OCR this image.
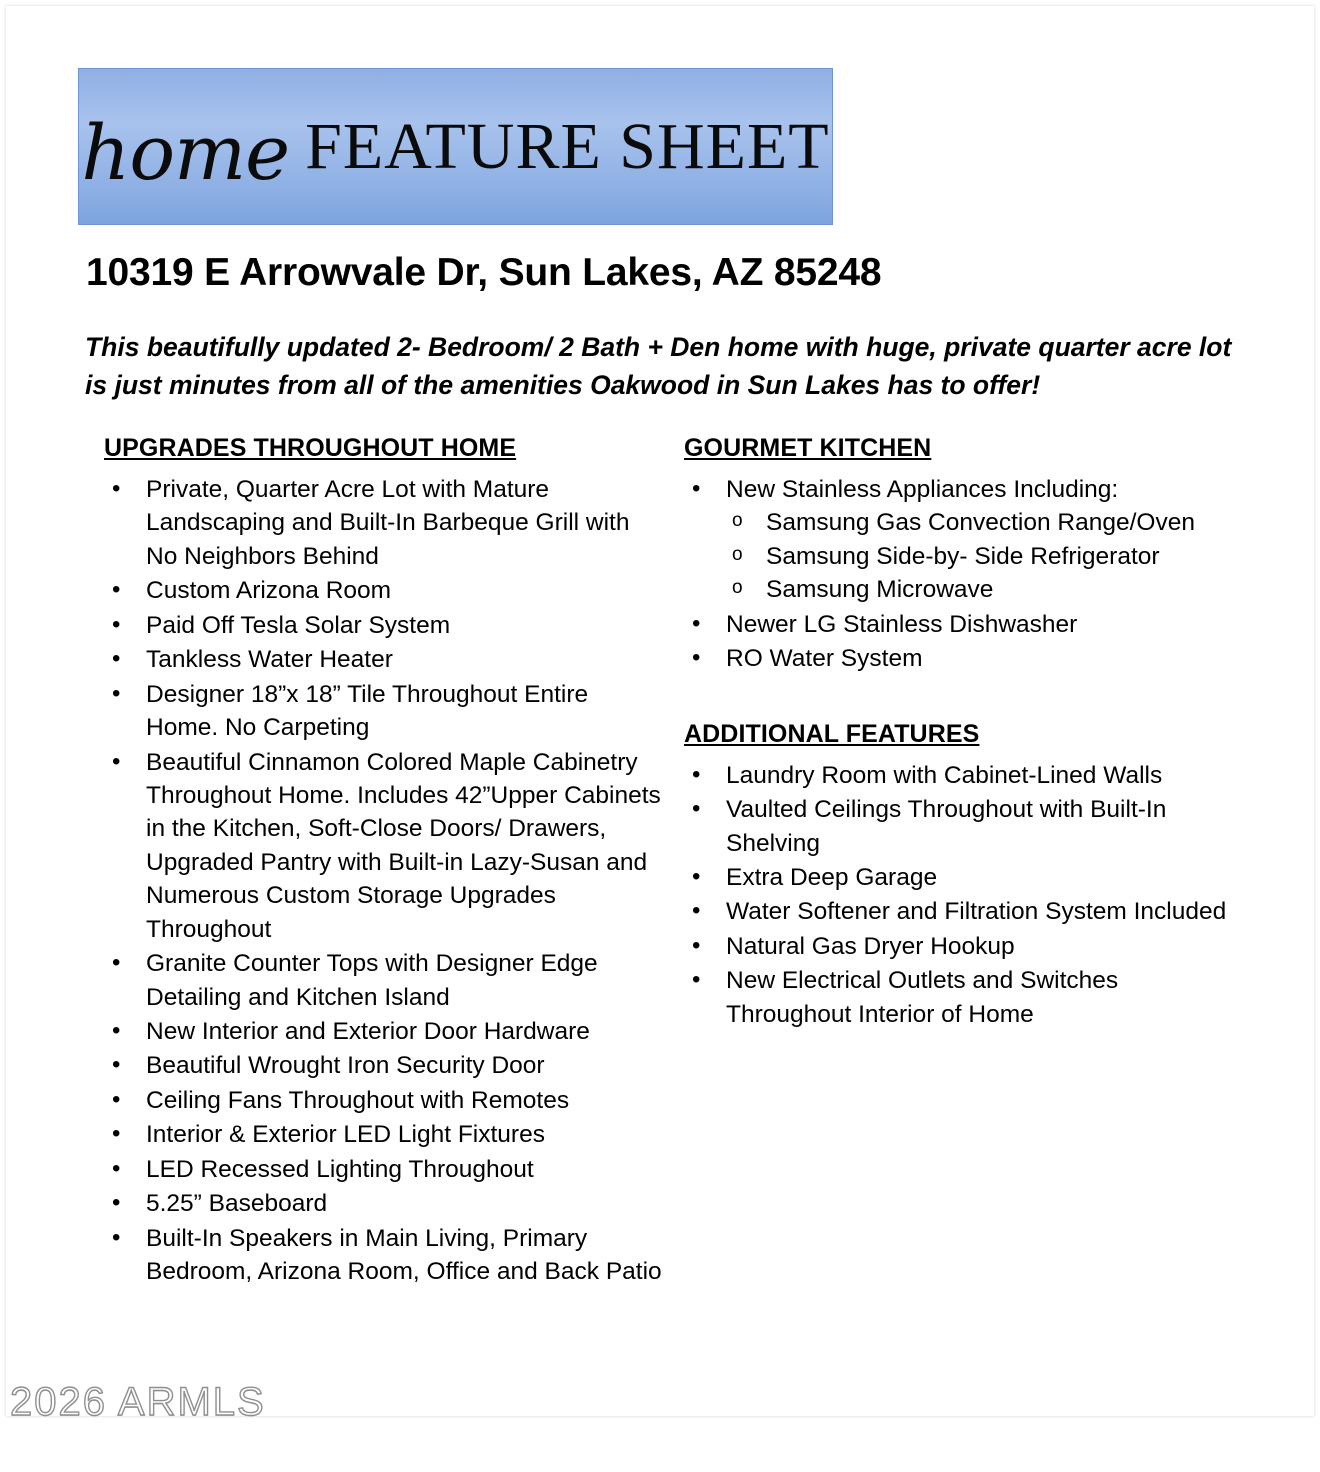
home FEATURE SHEET
10319 E Arrowvale Dr, Sun Lakes, AZ 85248
This beautifully updated 2- Bedroom/ 2 Bath + Den home with huge, private quarter acre lot is just minutes from all of the amenities Oakwood in Sun Lakes has to offer!
UPGRADES THROUGHOUT HOME
• Private, Quarter Acre Lot with Mature Landscaping and Built-In Barbeque Grill with No Neighbors Behind
• Custom Arizona Room
• Paid Off Tesla Solar System
• Tankless Water Heater
• Designer 18”x 18” Tile Throughout Entire Home. No Carpeting
• Beautiful Cinnamon Colored Maple Cabinetry Throughout Home. Includes 42”Upper Cabinets in the Kitchen, Soft-Close Doors/ Drawers, Upgraded Pantry with Built-in Lazy-Susan and Numerous Custom Storage Upgrades Throughout
• Granite Counter Tops with Designer Edge Detailing and Kitchen Island
• New Interior and Exterior Door Hardware
• Beautiful Wrought Iron Security Door
• Ceiling Fans Throughout with Remotes
• Interior & Exterior LED Light Fixtures
• LED Recessed Lighting Throughout
• 5.25” Baseboard
• Built-In Speakers in Main Living, Primary Bedroom, Arizona Room, Office and Back Patio
GOURMET KITCHEN
• New Stainless Appliances Including:
o Samsung Gas Convection Range/Oven
o Samsung Side-by- Side Refrigerator
o Samsung Microwave
• Newer LG Stainless Dishwasher
• RO Water System
ADDITIONAL FEATURES
• Laundry Room with Cabinet-Lined Walls
• Vaulted Ceilings Throughout with Built-In Shelving
• Extra Deep Garage
• Water Softener and Filtration System Included
• Natural Gas Dryer Hookup
• New Electrical Outlets and Switches Throughout Interior of Home
2026 ARMLS
